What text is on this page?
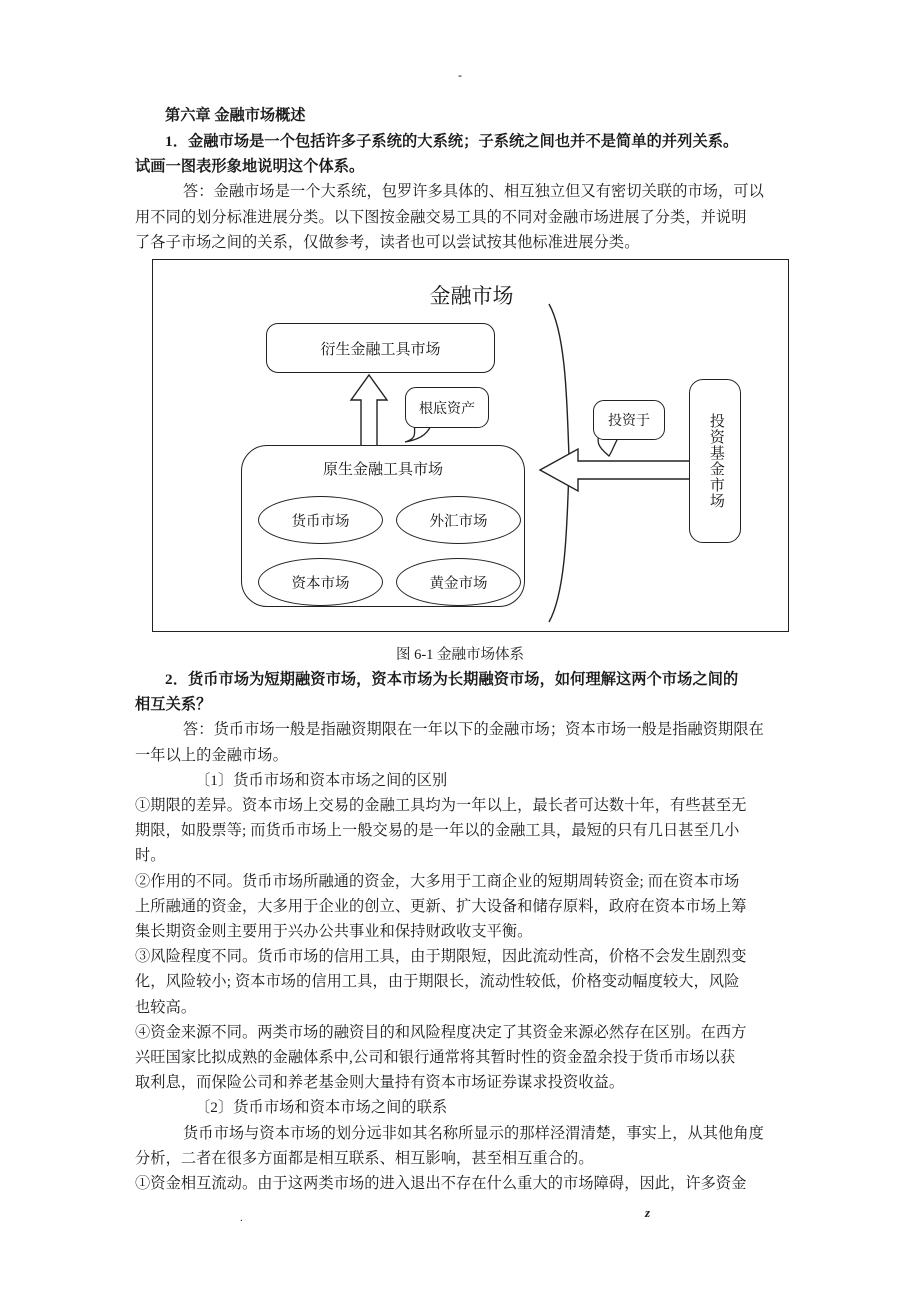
-
第六章 金融市场概述
1．金融市场是一个包括许多子系统的大系统；子系统之间也并不是简单的并列关系。
试画一图表形象地说明这个体系。
答：金融市场是一个大系统，包罗许多具体的、相互独立但又有密切关联的市场，可以
用不同的划分标准进展分类。以下图按金融交易工具的不同对金融市场进展了分类，并说明
了各子市场之间的关系，仅做参考，读者也可以尝试按其他标准进展分类。
图 6-1 金融市场体系
2．货币市场为短期融资市场，资本市场为长期融资市场，如何理解这两个市场之间的
相互关系？
答：货币市场一般是指融资期限在一年以下的金融市场；资本市场一般是指融资期限在
一年以上的金融市场。
〔1〕货币市场和资本市场之间的区别
①期限的差异。资本市场上交易的金融工具均为一年以上，最长者可达数十年，有些甚至无
期限，如股票等; 而货币市场上一般交易的是一年以的金融工具，最短的只有几日甚至几小
时。
②作用的不同。货币市场所融通的资金，大多用于工商企业的短期周转资金; 而在资本市场
上所融通的资金，大多用于企业的创立、更新、扩大设备和储存原料，政府在资本市场上筹
集长期资金则主要用于兴办公共事业和保持财政收支平衡。
③风险程度不同。货币市场的信用工具，由于期限短，因此流动性高，价格不会发生剧烈变
化，风险较小; 资本市场的信用工具，由于期限长，流动性较低，价格变动幅度较大，风险
也较高。
④资金来源不同。两类市场的融资目的和风险程度决定了其资金来源必然存在区别。在西方
兴旺国家比拟成熟的金融体系中,公司和银行通常将其暂时性的资金盈余投于货币市场以获
取利息，而保险公司和养老基金则大量持有资本市场证券谋求投资收益。
〔2〕货币市场和资本市场之间的联系
货币市场与资本市场的划分远非如其名称所显示的那样泾渭清楚，事实上，从其他角度
分析，二者在很多方面都是相互联系、相互影响，甚至相互重合的。
①资金相互流动。由于这两类市场的进入退出不存在什么重大的市场障碍，因此，许多资金
金融市场
衍生金融工具市场
根底资产
原生金融工具市场
货币市场	外汇市场
资本市场	黄金市场
投资于	投资基金市场
.	z
